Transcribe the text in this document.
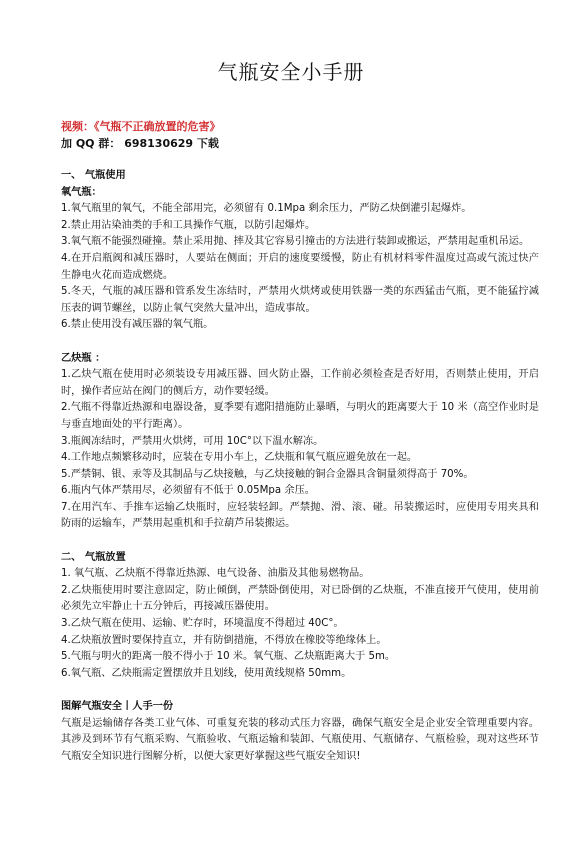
气瓶安全小手册
视频：《气瓶不正确放置的危害》
加 QQ 群： 698130629 下载
一、 气瓶使用
氧气瓶：
1.氧气瓶里的氧气，不能全部用完，必须留有 0.1Mpa 剩余压力，严防乙炔倒灌引起爆炸。
2.禁止用沾染油类的手和工具操作气瓶，以防引起爆炸。
3.氧气瓶不能强烈碰撞。禁止采用抛、摔及其它容易引撞击的方法进行装卸或搬运，严禁用起重机吊运。
4.在开启瓶阀和减压器时，人要站在侧面；开启的速度要缓慢，防止有机材料零件温度过高或气流过快产生静电火花而造成燃烧。
5.冬天，气瓶的减压器和管系发生冻结时，严禁用火烘烤或使用铁器一类的东西猛击气瓶，更不能猛拧减压表的调节螺丝，以防止氧气突然大量冲出，造成事故。
6.禁止使用没有减压器的氧气瓶。
乙炔瓶 ：
1.乙炔气瓶在使用时必须装设专用减压器、回火防止器，工作前必须检查是否好用，否则禁止使用，开启时，操作者应站在阀门的侧后方，动作要轻缓。
2.气瓶不得靠近热源和电器设备，夏季要有遮阳措施防止暴晒，与明火的距离要大于 10 米（高空作业时是与垂直地面处的平行距离）。
3.瓶阀冻结时，严禁用火烘烤，可用 10C°以下温水解冻。
4.工作地点频繁移动时，应装在专用小车上，乙炔瓶和氧气瓶应避免放在一起。
5.严禁铜、银、汞等及其制品与乙炔接触，与乙炔接触的铜合金器具含铜量须得高于 70%。
6.瓶内气体严禁用尽，必须留有不低于 0.05Mpa 余压。
7.在用汽车、手推车运输乙炔瓶时，应轻装轻卸。严禁抛、滑、滚、碰。吊装搬运时，应使用专用夹具和防雨的运输车，严禁用起重机和手拉葫芦吊装搬运。
二、 气瓶放置
1. 氧气瓶、乙炔瓶不得靠近热源、电气设备、油脂及其他易燃物品。
2.乙炔瓶使用时要注意固定，防止倾倒，严禁卧倒使用，对已卧倒的乙炔瓶，不准直接开气使用，使用前必须先立牢静止十五分钟后，再接减压器使用。
3.乙炔气瓶在使用、运输、贮存时，环境温度不得超过 40C°。
4.乙炔瓶放置时要保持直立，并有防倒措施，不得放在橡胶等绝缘体上。
5.气瓶与明火的距离一般不得小于 10 米。氧气瓶、乙炔瓶距离大于 5m。
6.氧气瓶、乙炔瓶需定置摆放并且划线，使用黄线规格 50mm。
图解气瓶安全丨人手一份
气瓶是运输储存各类工业气体、可重复充装的移动式压力容器，确保气瓶安全是企业安全管理重要内容。其涉及到环节有气瓶采购、气瓶验收、气瓶运输和装卸、气瓶使用、气瓶储存、气瓶检验，现对这些环节气瓶安全知识进行图解分析，以便大家更好掌握这些气瓶安全知识!
